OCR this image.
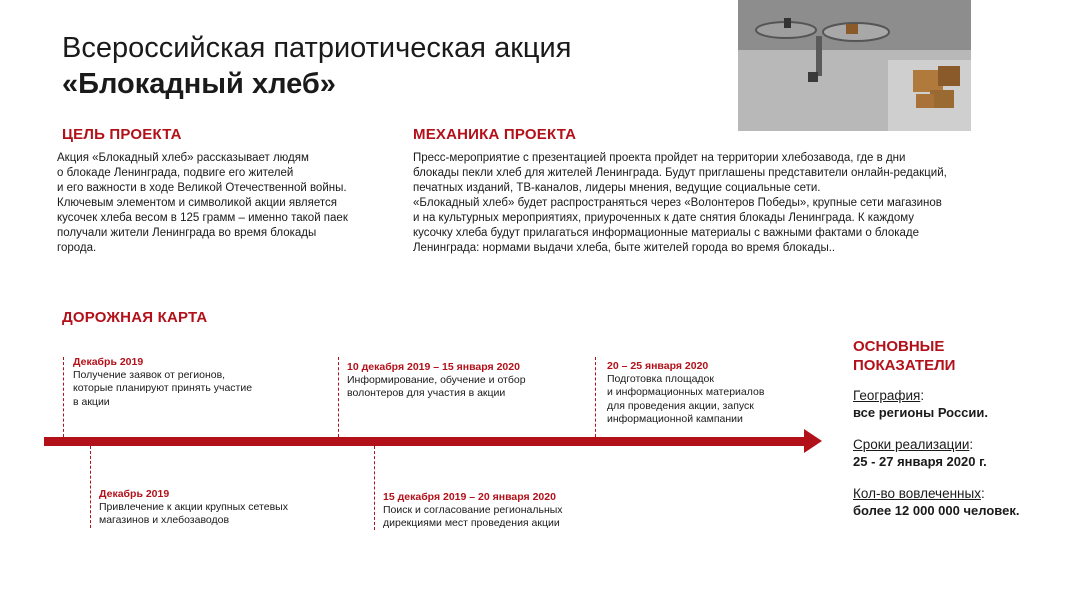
Всероссийская патриотическая акция
«Блокадный хлеб»
ЦЕЛЬ ПРОЕКТА
Акция «Блокадный хлеб» рассказывает людям
о блокаде Ленинграда, подвиге его жителей
и его важности в ходе Великой Отечественной войны.
Ключевым элементом и символикой акции является
кусочек хлеба весом в 125 грамм – именно такой паек
получали жители Ленинграда во время блокады
города.
МЕХАНИКА ПРОЕКТА
Пресс-мероприятие с презентацией проекта пройдет на территории хлебозавода, где в дни
блокады пекли хлеб для жителей Ленинграда. Будут приглашены представители онлайн-редакций,
печатных изданий, ТВ-каналов, лидеры мнения, ведущие социальные сети.
«Блокадный хлеб» будет распространяться через «Волонтеров Победы», крупные сети магазинов
и на культурных мероприятиях, приуроченных к дате снятия блокады Ленинграда. К каждому
кусочку хлеба будут прилагаться информационные материалы с важными фактами о блокаде
Ленинграда: нормами выдачи хлеба, быте жителей города во время блокады..
ДОРОЖНАЯ КАРТА
Декабрь 2019
Получение заявок от регионов,
которые планируют принять участие
в акции
10 декабря 2019 – 15 января 2020
Информирование, обучение и отбор
волонтеров для участия в акции
20 – 25 января 2020
Подготовка площадок
и информационных материалов
для проведения акции, запуск
информационной кампании
Декабрь 2019
Привлечение к акции крупных сетевых
магазинов и хлебозаводов
15 декабря 2019 – 20 января 2020
Поиск и согласование региональных
дирекциями мест проведения акции
ОСНОВНЫЕ ПОКАЗАТЕЛИ
География:
все регионы России.
Сроки реализации:
25 - 27 января 2020 г.
Кол-во вовлеченных:
более 12 000 000 человек.
